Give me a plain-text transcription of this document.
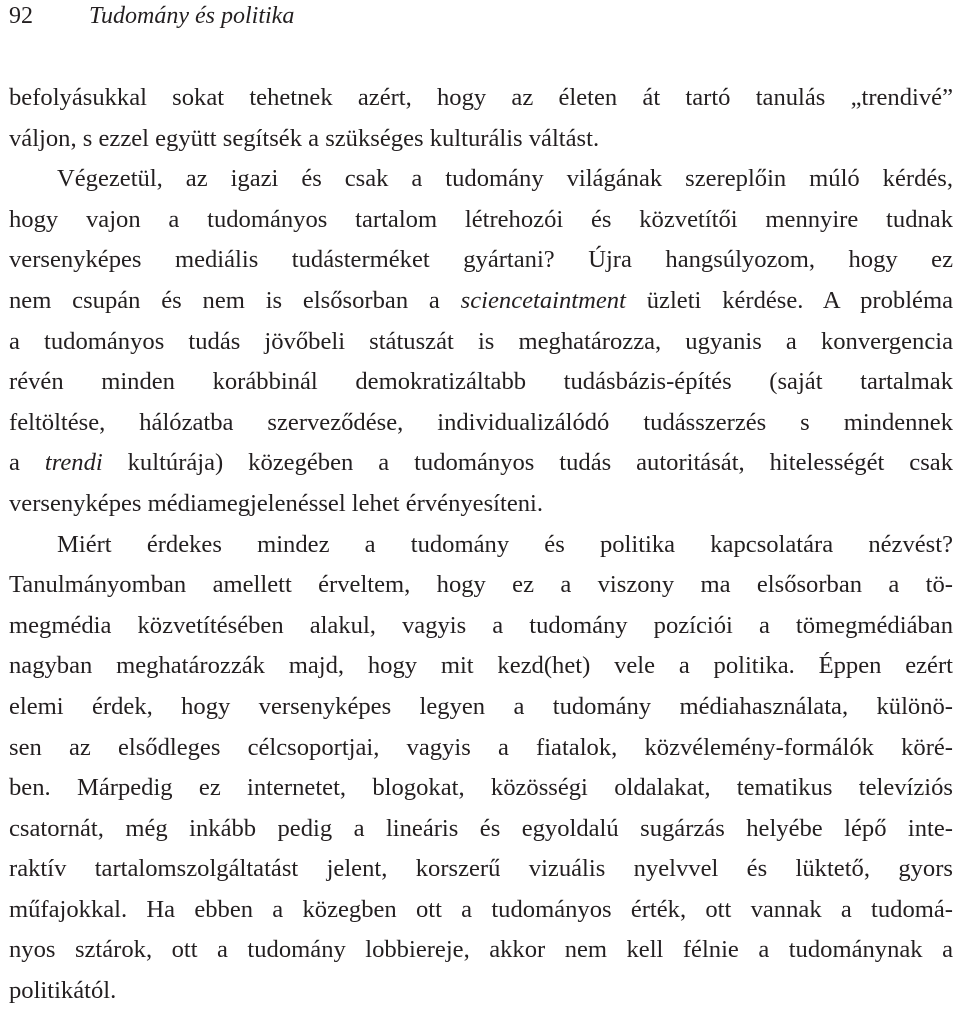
92	Tudomány és politika

befolyásukkal sokat tehetnek azért, hogy az életen át tartó tanulás „trendivé”
váljon, s ezzel együtt segítsék a szükséges kulturális váltást.

Végezetül, az igazi és csak a tudomány világának szereplőin múló kérdés,
hogy vajon a tudományos tartalom létrehozói és közvetítői mennyire tudnak
versenyképes mediális tudásterméket gyártani? Újra hangsúlyozom, hogy ez
nem csupán és nem is elsősorban a sciencetaintment üzleti kérdése. A probléma
a tudományos tudás jövőbeli státuszát is meghatározza, ugyanis a konvergencia
révén minden korábbinál demokratizáltabb tudásbázis-építés (saját tartalmak
feltöltése, hálózatba szerveződése, individualizálódó tudásszerzés s mindennek
a trendi kultúrája) közegében a tudományos tudás autoritását, hitelességét csak
versenyképes médiamegjelenéssel lehet érvényesíteni.

Miért érdekes mindez a tudomány és politika kapcsolatára nézvést?
Tanulmányomban amellett érveltem, hogy ez a viszony ma elsősorban a tö-
megmédia közvetítésében alakul, vagyis a tudomány pozíciói a tömegmédiában
nagyban meghatározzák majd, hogy mit kezd(het) vele a politika. Éppen ezért
elemi érdek, hogy versenyképes legyen a tudomány médiahasználata, különö-
sen az elsődleges célcsoportjai, vagyis a fiatalok, közvélemény-formálók köré-
ben. Márpedig ez internetet, blogokat, közösségi oldalakat, tematikus televíziós
csatornát, még inkább pedig a lineáris és egyoldalú sugárzás helyébe lépő inte-
raktív tartalomszolgáltatást jelent, korszerű vizuális nyelvvel és lüktető, gyors
műfajokkal. Ha ebben a közegben ott a tudományos érték, ott vannak a tudomá-
nyos sztárok, ott a tudomány lobbiereje, akkor nem kell félnie a tudománynak a
politikától.
